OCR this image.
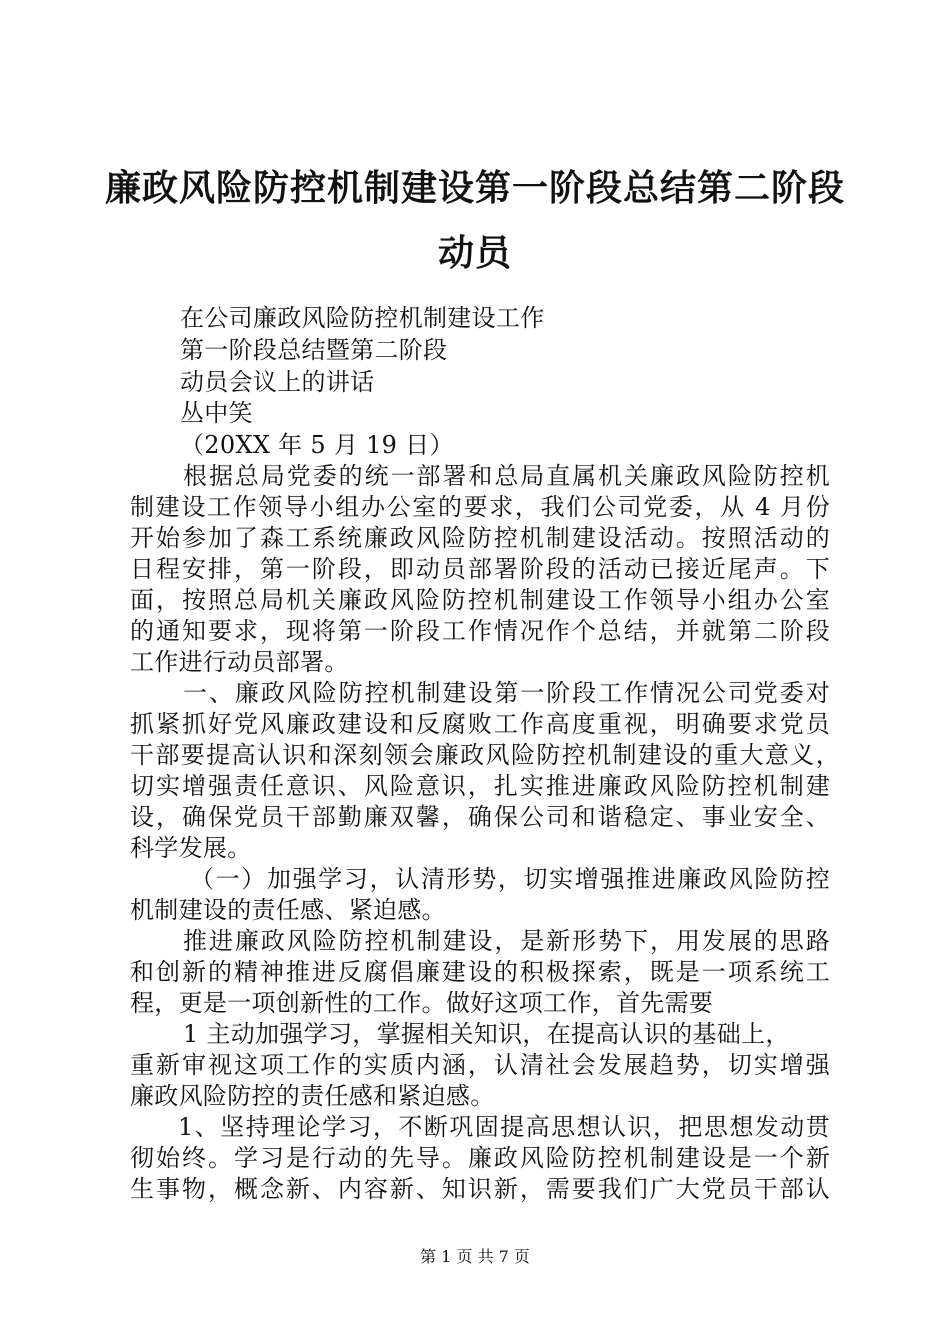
廉政风险防控机制建设第一阶段总结第二阶段
动员
在公司廉政风险防控机制建设工作
第一阶段总结暨第二阶段
动员会议上的讲话
丛中笑
（20XX 年 5 月 19 日）
根据总局党委的统一部署和总局直属机关廉政风险防控机
制建设工作领导小组办公室的要求，我们公司党委，从 4 月份
开始参加了森工系统廉政风险防控机制建设活动。按照活动的
日程安排，第一阶段，即动员部署阶段的活动已接近尾声。下
面，按照总局机关廉政风险防控机制建设工作领导小组办公室
的通知要求，现将第一阶段工作情况作个总结，并就第二阶段
工作进行动员部署。
一、廉政风险防控机制建设第一阶段工作情况公司党委对
抓紧抓好党风廉政建设和反腐败工作高度重视，明确要求党员
干部要提高认识和深刻领会廉政风险防控机制建设的重大意义，
切实增强责任意识、风险意识，扎实推进廉政风险防控机制建
设，确保党员干部勤廉双馨，确保公司和谐稳定、事业安全、
科学发展。
（一）加强学习，认清形势，切实增强推进廉政风险防控
机制建设的责任感、紧迫感。
推进廉政风险防控机制建设，是新形势下，用发展的思路
和创新的精神推进反腐倡廉建设的积极探索，既是一项系统工
程，更是一项创新性的工作。做好这项工作，首先需要
1 主动加强学习，掌握相关知识，在提高认识的基础上，
重新审视这项工作的实质内涵，认清社会发展趋势，切实增强
廉政风险防控的责任感和紧迫感。
1、坚持理论学习，不断巩固提高思想认识，把思想发动贯
彻始终。学习是行动的先导。廉政风险防控机制建设是一个新
生事物，概念新、内容新、知识新，需要我们广大党员干部认
第 1 页 共 7 页
